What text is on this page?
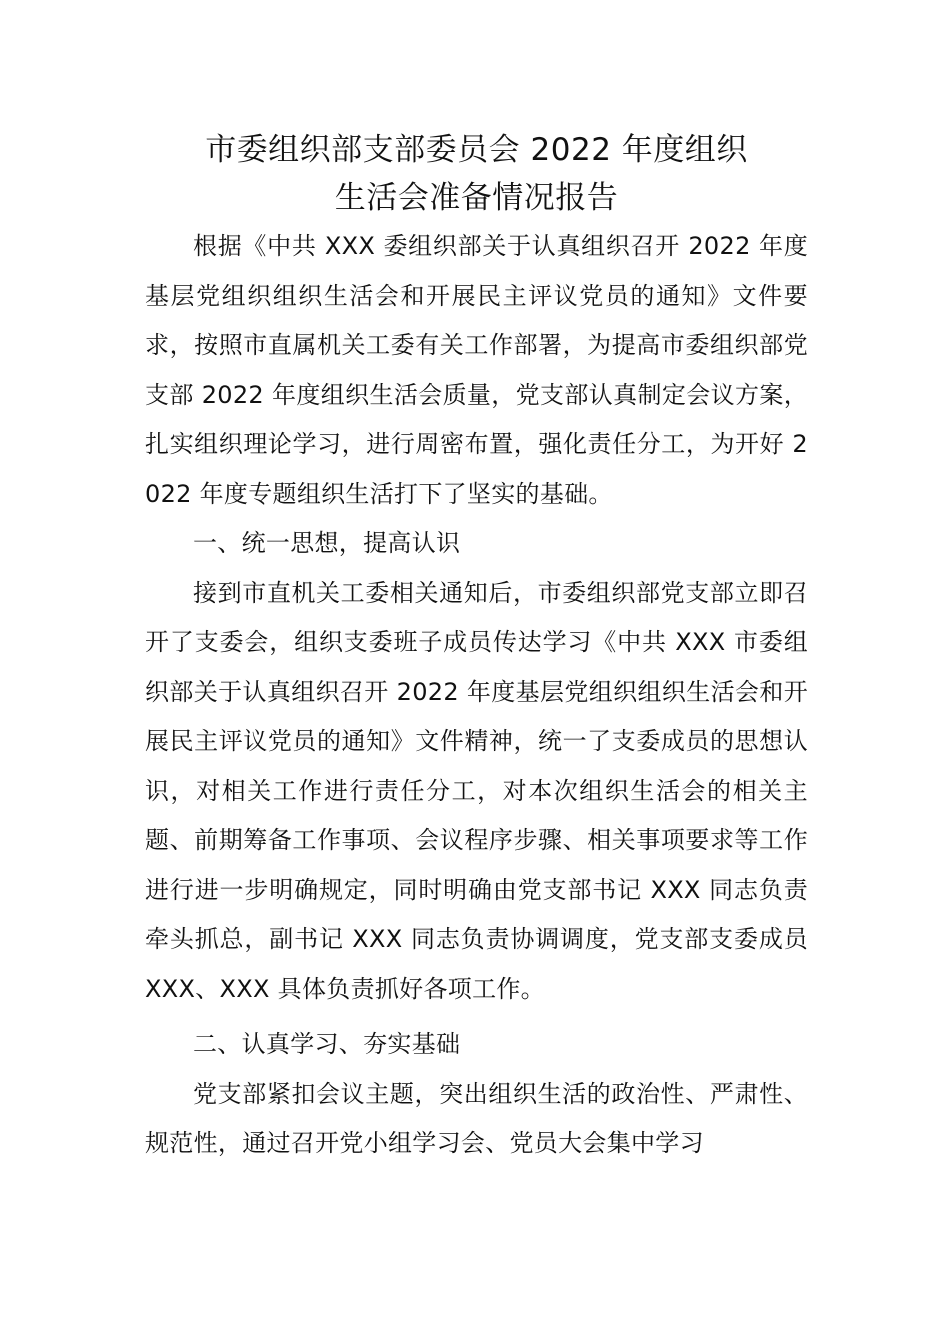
市委组织部支部委员会 2022 年度组织
生活会准备情况报告

根据《中共 XXX 委组织部关于认真组织召开 2022 年度基层党组织组织生活会和开展民主评议党员的通知》文件要求，按照市直属机关工委有关工作部署，为提高市委组织部党支部 2022 年度组织生活会质量，党支部认真制定会议方案，扎实组织理论学习，进行周密布置，强化责任分工，为开好 2022 年度专题组织生活打下了坚实的基础。

一、统一思想，提高认识

接到市直机关工委相关通知后，市委组织部党支部立即召开了支委会，组织支委班子成员传达学习《中共 XXX 市委组织部关于认真组织召开 2022 年度基层党组织组织生活会和开展民主评议党员的通知》文件精神，统一了支委成员的思想认识，对相关工作进行责任分工，对本次组织生活会的相关主题、前期筹备工作事项、会议程序步骤、相关事项要求等工作进行进一步明确规定，同时明确由党支部书记 XXX 同志负责牵头抓总，副书记 XXX 同志负责协调调度，党支部支委成员 XXX、XXX 具体负责抓好各项工作。

二、认真学习、夯实基础

党支部紧扣会议主题，突出组织生活的政治性、严肃性、规范性，通过召开党小组学习会、党员大会集中学习
